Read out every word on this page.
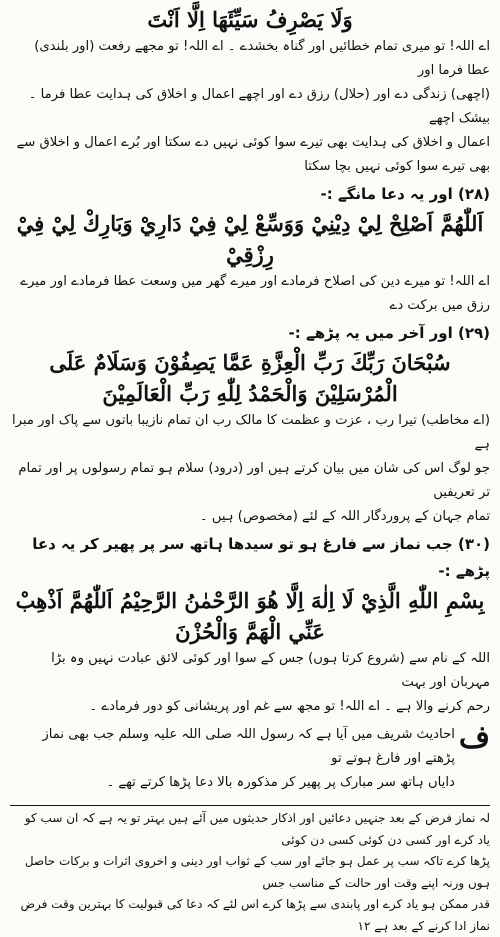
وَلَا يَصْرِفُ سَيِّئَهَا اِلَّا اَنْتَ

اے اللہ! تو میری تمام خطائیں اور گناہ بخشدے ۔ اے اللہ! تو مجھے رفعت (اور بلندی) عطا فرما اور

(اچھی) زندگی دے اور (حلال) رزق دے اور اچھے اعمال و اخلاق کی ہدایت عطا فرما ۔ بیشک اچھے

اعمال و اخلاق کی ہدایت بھی تیرے سوا کوئی نہیں دے سکتا اور بُرے اعمال و اخلاق سے بھی تیرے سوا کوئی نہیں بچا سکتا

(۲۸) اور یہ دعا مانگے :-

اَللّٰهُمَّ اَصْلِحْ لِيْ دِيْنِيْ وَوَسِّعْ لِيْ فِيْ دَارِيْ وَبَارِكْ لِيْ فِيْ رِزْقِيْ

اے اللہ! تو میرے دین کی اصلاح فرمادے اور میرے گھر میں وسعت عطا فرمادے اور میرے رزق میں برکت دے

(۲۹) اور آخر میں یہ پڑھے :-

سُبْحَانَ رَبِّكَ رَبِّ الْعِزَّةِ عَمَّا يَصِفُوْنَ وَسَلَامٌ عَلَى

الْمُرْسَلِيْنَ وَالْحَمْدُ لِلّٰهِ رَبِّ الْعَالَمِيْنَ

(اے مخاطب) تیرا رب ، عزت و عظمت کا مالک رب ان تمام نازیبا باتوں سے پاک اور مبرا ہے

جو لوگ اس کی شان میں بیان کرتے ہیں اور (درود) سلام ہو تمام رسولوں پر اور تمام تر تعریفیں

تمام جہان کے پروردگار اللہ کے لئے (مخصوص) ہیں ۔

(۳۰) جب نماز سے فارغ ہو تو سیدھا ہاتھ سر پر پھیر کر یہ دعا پڑھے :-

بِسْمِ اللّٰهِ الَّذِيْ لَا اِلٰهَ اِلَّا هُوَ الرَّحْمٰنُ الرَّحِيْمُ اَللّٰهُمَّ اَذْهِبْ

عَنِّي الْهَمَّ وَالْحُزْنَ

اللہ کے نام سے (شروع کرتا ہوں) جس کے سوا اور کوئی لائق عبادت نہیں وہ بڑا مہربان اور بہت

رحم کرنے والا ہے ۔ اے اللہ! تو مجھ سے غم اور پریشانی کو دور فرمادے ۔

ف

احادیث شریف میں آیا ہے کہ رسول اللہ صلی اللہ علیہ وسلم جب بھی نماز پڑھتے اور فارغ ہوتے تو

دایاں ہاتھ سر مبارک پر پھیر کر مذکورہ بالا دعا پڑھا کرتے تھے ۔

لہ نماز فرض کے بعد جنہیں دعائیں اور اذکار حدیثوں میں آئے ہیں بہتر تو یہ ہے کہ ان سب کو یاد کرے اور کسی دن کوئی کسی دن کوئی

پڑھا کرے تاکہ سب پر عمل ہو جائے اور سب کے ثواب اور دینی و اخروی اثرات و برکات حاصل ہوں ورنہ اپنے وقت اور حالت کے مناسب جس

قدر ممکن ہو یاد کرے اور پابندی سے پڑھا کرے اس لئے کہ دعا کی قبولیت کا بہترین وقت فرض نماز ادا کرنے کے بعد ہے ۱۲
